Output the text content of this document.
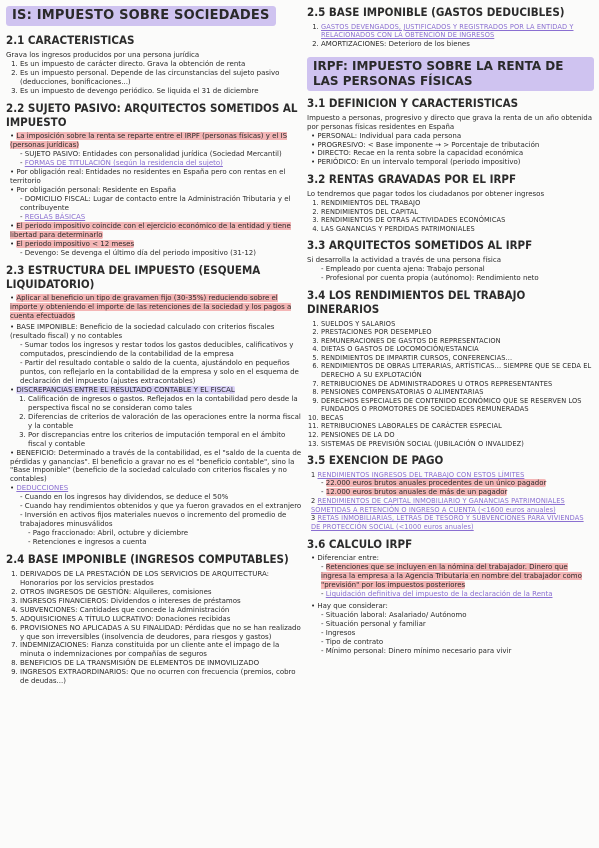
IS: IMPUESTO SOBRE SOCIEDADES
2.1 CARACTERISTICAS
Grava los ingresos producidos por una persona jurídica
1. Es un impuesto de carácter directo. Grava la obtención de renta
2. Es un impuesto personal. Depende de las circunstancias del sujeto pasivo (deducciones, bonificaciones...)
3. Es un impuesto de devengo periódico. Se liquida el 31 de diciembre
2.2 SUJETO PASIVO: ARQUITECTOS SOMETIDOS AL IMPUESTO
• La imposición sobre la renta se reparte entre el IRPF (personas físicas) y el IS (personas jurídicas)
- SUJETO PASIVO: Entidades con personalidad jurídica (Sociedad Mercantil)
- FORMAS DE TITULACIÓN (según la residencia del sujeto)
• Por obligación real: Entidades no residentes en España pero con rentas en el territorio
• Por obligación personal: Residente en España
- DOMICILIO FISCAL: Lugar de contacto entre la Administración Tributaria y el contribuyente
- REGLAS BÁSICAS
• El periodo impositivo coincide con el ejercicio económico de la entidad y tiene libertad para determinarlo
• El periodo impositivo < 12 meses
- Devengo: Se devenga el último día del periodo impositivo (31-12)
2.3 ESTRUCTURA DEL IMPUESTO (ESQUEMA LIQUIDATORIO)
• Aplicar al beneficio un tipo de gravamen fijo (30-35%) reduciendo sobre el importe y obteniendo el importe de las retenciones de la sociedad y los pagos a cuenta efectuados
• BASE IMPONIBLE: Beneficio de la sociedad calculado con criterios fiscales (resultado fiscal) y no contables
- Sumar todos los ingresos y restar todos los gastos deducibles, calificativos y computados, prescindiendo de la contabilidad de la empresa
- Partir del resultado contable o saldo de la cuenta, ajustándolo en pequeños puntos, con reflejarlo en la contabilidad de la empresa y solo en el esquema de declaración del impuesto (ajustes extracontables)
• DISCREPANCIAS ENTRE EL RESULTADO CONTABLE Y EL FISCAL
1. Calificación de ingresos o gastos. Reflejados en la contabilidad pero desde la perspectiva fiscal no se consideran como tales
2. Diferencias de criterios de valoración de las operaciones entre la norma fiscal y la contable
3. Por discrepancias entre los criterios de imputación temporal en el ámbito fiscal y contable
• BENEFICIO: Determinado a través de la contabilidad, es el "saldo de la cuenta de pérdidas y ganancias". El beneficio a gravar no es el "beneficio contable", sino la "Base Imponible" (beneficio de la sociedad calculado con criterios fiscales y no contables)
• DEDUCCIONES
- Cuando en los ingresos hay dividendos, se deduce el 50%
- Cuando hay rendimientos obtenidos y que ya fueron gravados en el extranjero
- Inversión en activos fijos materiales nuevos o incremento del promedio de trabajadores minusválidos
- Pago fraccionado: Abril, octubre y diciembre
- Retenciones e ingresos a cuenta
2.4 BASE IMPONIBLE (INGRESOS COMPUTABLES)
1. DERIVADOS DE LA PRESTACIÓN DE LOS SERVICIOS DE ARQUITECTURA: Honorarios por los servicios prestados
2. OTROS INGRESOS DE GESTIÓN: Alquileres, comisiones
3. INGRESOS FINANCIEROS: Dividendos o intereses de préstamos
4. SUBVENCIONES: Cantidades que concede la Administración
5. ADQUISICIONES A TÍTULO LUCRATIVO: Donaciones recibidas
6. PROVISIONES NO APLICADAS A SU FINALIDAD: Pérdidas que no se han realizado y que son irreversibles (insolvencia de deudores, para riesgos y gastos)
7. INDEMNIZACIONES: Fianza constituida por un cliente ante el impago de la minuta o indemnizaciones por compañías de seguros
8. BENEFICIOS DE LA TRANSMISIÓN DE ELEMENTOS DE INMOVILIZADO
9. INGRESOS EXTRAORDINARIOS: Que no ocurren con frecuencia (premios, cobro de deudas...)
2.5 BASE IMPONIBLE (GASTOS DEDUCIBLES)
1. GASTOS DEVENGADOS, JUSTIFICADOS Y REGISTRADOS POR LA ENTIDAD Y RELACIONADOS CON LA OBTENCIÓN DE INGRESOS
2. AMORTIZACIONES: Deterioro de los bienes
IRPF: IMPUESTO SOBRE LA RENTA DE LAS PERSONAS FÍSICAS
3.1 DEFINICION Y CARACTERISTICAS
Impuesto a personas, progresivo y directo que grava la renta de un año obtenida por personas físicas residentes en España
• PERSONAL: Individual para cada persona
• PROGRESIVO: < Base imponente → > Porcentaje de tributación
• DIRECTO: Recae en la renta sobre la capacidad económica
• PERIÓDICO: En un intervalo temporal (periodo impositivo)
3.2 RENTAS GRAVADAS POR EL IRPF
Lo tendremos que pagar todos los ciudadanos por obtener ingresos
1. RENDIMIENTOS DEL TRABAJO
2. RENDIMIENTOS DEL CAPITAL
3. RENDIMIENTOS DE OTRAS ACTIVIDADES ECONÓMICAS
4. LAS GANANCIAS Y PERDIDAS PATRIMONIALES
3.3 ARQUITECTOS SOMETIDOS AL IRPF
Si desarrolla la actividad a través de una persona física
- Empleado por cuenta ajena: Trabajo personal
- Profesional por cuenta propia (autónomo): Rendimiento neto
3.4 LOS RENDIMIENTOS DEL TRABAJO DINERARIOS
1. SUELDOS Y SALARIOS
2. PRESTACIONES POR DESEMPLEO
3. REMUNERACIONES DE GASTOS DE REPRESENTACION
4. DIETAS O GASTOS DE LOCOMOCIÓN/ESTANCIA
5. RENDIMIENTOS DE IMPARTIR CURSOS, CONFERENCIAS...
6. RENDIMIENTOS DE OBRAS LITERARIAS, ARTÍSTICAS... SIEMPRE QUE SE CEDA EL DERECHO A SU EXPLOTACIÓN
7. RETRIBUCIONES DE ADMINISTRADORES U OTROS REPRESENTANTES
8. PENSIONES COMPENSATORIAS O ALIMENTARIAS
9. DERECHOS ESPECIALES DE CONTENIDO ECONÓMICO QUE SE RESERVEN LOS FUNDADOS O PROMOTORES DE SOCIEDADES REMUNERADAS
10. BECAS
11. RETRIBUCIONES LABORALES DE CARÁCTER ESPECIAL
12. PENSIONES DE LA DO
13. SISTEMAS DE PREVISIÓN SOCIAL (JUBILACIÓN O INVALIDEZ)
3.5 EXENCION DE PAGO
1 RENDIMIENTOS INGRESOS DEL TRABAJO CON ESTOS LÍMITES
- 22.000 euros brutos anuales procedentes de un único pagador
- 12.000 euros brutos anuales de más de un pagador
2 RENDIMIENTOS DE CAPITAL INMOBILIARIO Y GANANCIAS PATRIMONIALES SOMETIDAS A RETENCIÓN O INGRESO A CUENTA (<1600 euros anuales)
3 RETAS INMOBILIARIAS, LETRAS DE TESORO Y SUBVENCIONES PARA VIVIENDAS DE PROTECCIÓN SOCIAL (<1000 euros anuales)
3.6 CALCULO IRPF
• Diferenciar entre:
- Retenciones que se incluyen en la nómina del trabajador. Dinero que ingresa la empresa a la Agencia Tributaria en nombre del trabajador como "previsión" por los impuestos posteriores
- Liquidación definitiva del impuesto de la declaración de la Renta
• Hay que considerar:
- Situación laboral: Asalariado/ Autónomo
- Situación personal y familiar
- Ingresos
- Tipo de contrato
- Mínimo personal: Dinero mínimo necesario para vivir
